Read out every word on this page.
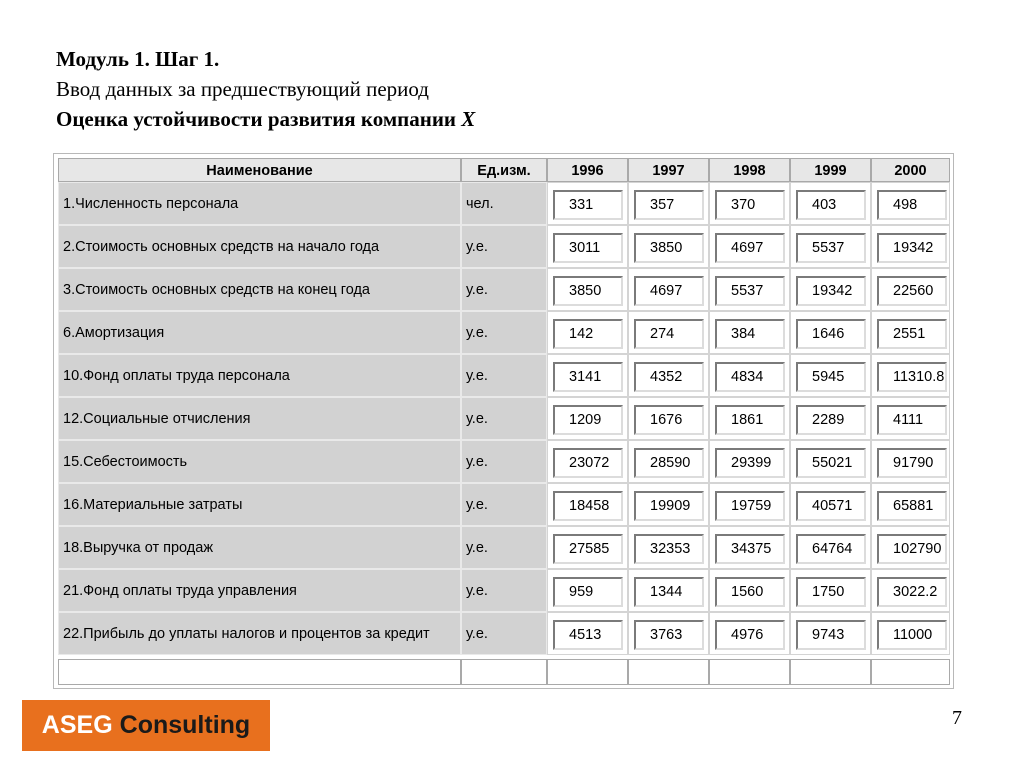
Модуль 1. Шаг 1.
Ввод данных за предшествующий период
Оценка устойчивости развития компании X
Наименование	Ед.изм.	1996	1997	1998	1999	2000
1.Численность персонала	чел.	331	357	370	403	498
2.Стоимость основных средств на начало года	у.е.	3011	3850	4697	5537	19342
3.Стоимость основных средств на конец года	у.е.	3850	4697	5537	19342	22560
6.Амортизация	у.е.	142	274	384	1646	2551
10.Фонд оплаты труда персонала	у.е.	3141	4352	4834	5945	11310.8
12.Социальные отчисления	у.е.	1209	1676	1861	2289	4111
15.Себестоимость	у.е.	23072	28590	29399	55021	91790
16.Материальные затраты	у.е.	18458	19909	19759	40571	65881
18.Выручка от продаж	у.е.	27585	32353	34375	64764	102790
21.Фонд оплаты труда управления	у.е.	959	1344	1560	1750	3022.2
22.Прибыль до уплаты налогов и процентов за кредит	у.е.	4513	3763	4976	9743	11000
ASEG Consulting	7
